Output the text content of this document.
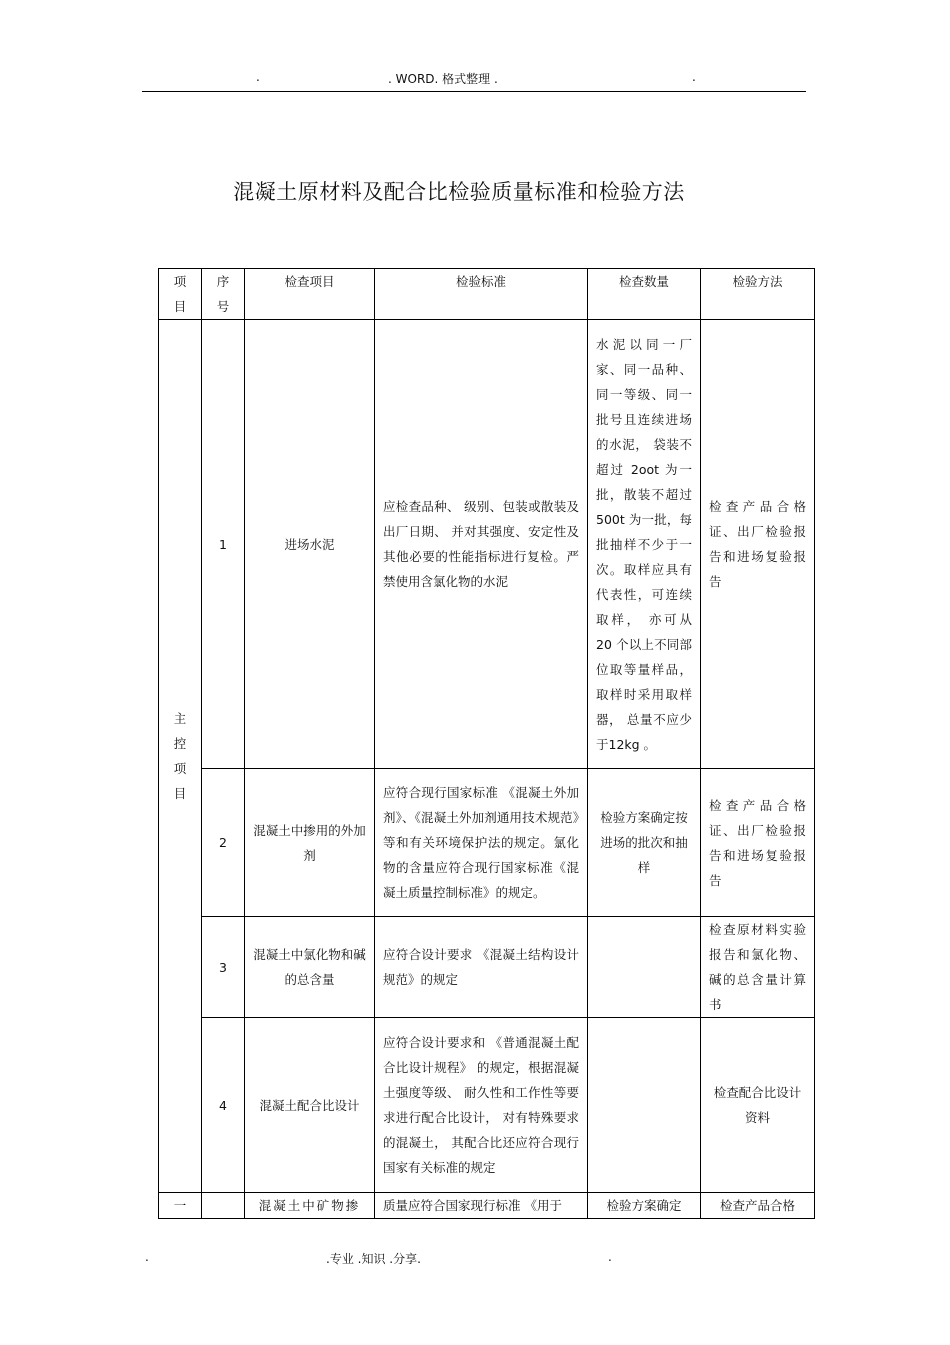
.	. WORD. 格式整理 .	.
混凝土原材料及配合比检验质量标准和检验方法
项目	序号	检查项目	检验标准	检查数量	检验方法
主控项目	1	进场水泥	应检查品种、 级别、包装或散装及出厂日期、 并对其强度、安定性及其他必要的性能指标进行复检。严禁使用含氯化物的水泥	水泥以同一厂家、同一品种、同一等级、同一批号且连续进场的水泥， 袋装不超过 2oot 为一批，散装不超过 500t 为一批，每批抽样不少于一次。取样应具有代表性，可连续取样， 亦可从 20 个以上不同部位取等量样品，取样时采用取样器， 总量不应少于12kg 。	检查产品合格证、出厂检验报告和进场复验报告
	2	混凝土中掺用的外加剂	应符合现行国家标准 《混凝土外加剂》、《混凝土外加剂通用技术规范》等和有关环境保护法的规定。氯化物的含量应符合现行国家标准《混凝土质量控制标准》的规定。	检验方案确定按进场的批次和抽样	检查产品合格证、出厂检验报告和进场复验报告
	3	混凝土中氯化物和碱的总含量	应符合设计要求 《混凝土结构设计规范》的规定		检查原材料实验报告和氯化物、碱的总含量计算书
	4	混凝土配合比设计	应符合设计要求和 《普通混凝土配合比设计规程》 的规定，根据混凝土强度等级、 耐久性和工作性等要求进行配合比设计， 对有特殊要求的混凝土， 其配合比还应符合现行国家有关标准的规定		检查配合比设计资料
一		混凝土中矿物掺	质量应符合国家现行标准 《用于	检验方案确定	检查产品合格
.	.专业 .知识 .分享.	.
